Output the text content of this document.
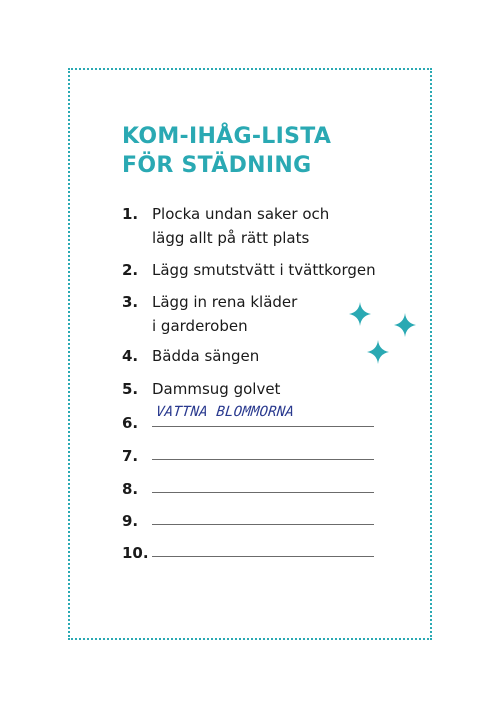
KOM-IHÅG-LISTA
FÖR STÄDNING
1. Plocka undan saker och
lägg allt på rätt plats
2. Lägg smutstvätt i tvättkorgen
3. Lägg in rena kläder
i garderoben
4. Bädda sängen
5. Dammsug golvet
6.
VATTNA BLOMMORNA
7.
8.
9.
10.
